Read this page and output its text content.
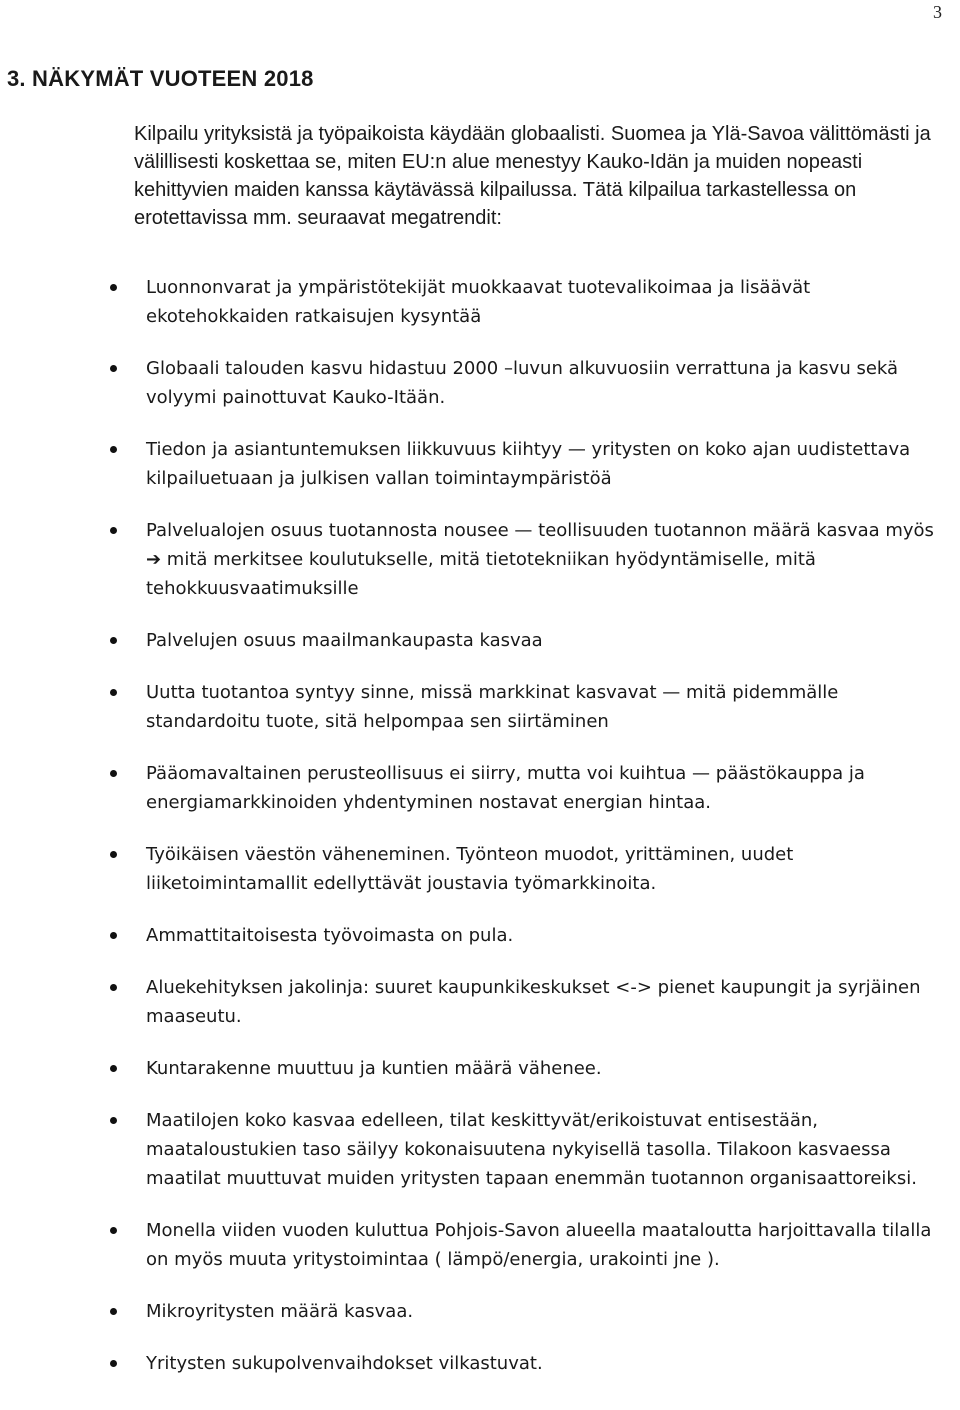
3
3. NÄKYMÄT VUOTEEN 2018

Kilpailu yrityksistä ja työpaikoista käydään globaalisti. Suomea ja Ylä-Savoa välittömästi ja välillisesti koskettaa se, miten EU:n alue menestyy Kauko-Idän ja muiden nopeasti kehittyvien maiden kanssa käytävässä kilpailussa. Tätä kilpailua tarkastellessa on erotettavissa mm. seuraavat megatrendit:

Luonnonvarat ja ympäristötekijät muokkaavat tuotevalikoimaa ja lisäävät ekotehokkaiden ratkaisujen kysyntää
Globaali talouden kasvu hidastuu 2000 –luvun alkuvuosiin verrattuna ja kasvu sekä volyymi painottuvat Kauko-Itään.
Tiedon ja asiantuntemuksen liikkuvuus kiihtyy — yritysten on koko ajan uudistettava kilpailuetuaan ja julkisen vallan toimintaympäristöä
Palvelualojen osuus tuotannosta nousee — teollisuuden tuotannon määrä kasvaa myös ➔ mitä merkitsee koulutukselle, mitä tietotekniikan hyödyntämiselle, mitä tehokkuusvaatimuksille
Palvelujen osuus maailmankaupasta kasvaa
Uutta tuotantoa syntyy sinne, missä markkinat kasvavat — mitä pidemmälle standardoitu tuote, sitä helpompaa sen siirtäminen
Pääomavaltainen perusteollisuus ei siirry, mutta voi kuihtua — päästökauppa ja energiamarkkinoiden yhdentyminen nostavat energian hintaa.
Työikäisen väestön väheneminen. Työnteon muodot, yrittäminen, uudet liiketoimintamallit edellyttävät joustavia työmarkkinoita.
Ammattitaitoisesta työvoimasta on pula.
Aluekehityksen jakolinja: suuret kaupunkikeskukset <-> pienet kaupungit ja syrjäinen maaseutu.
Kuntarakenne muuttuu ja kuntien määrä vähenee.
Maatilojen koko kasvaa edelleen, tilat keskittyvät/erikoistuvat entisestään, maataloustukien taso säilyy kokonaisuutena nykyisellä tasolla. Tilakoon kasvaessa maatilat muuttuvat muiden yritysten tapaan enemmän tuotannon organisaattoreiksi.
Monella viiden vuoden kuluttua Pohjois-Savon alueella maataloutta harjoittavalla tilalla on myös muuta yritystoimintaa ( lämpö/energia, urakointi jne ).
Mikroyritysten määrä kasvaa.
Yritysten sukupolvenvaihdokset vilkastuvat.
